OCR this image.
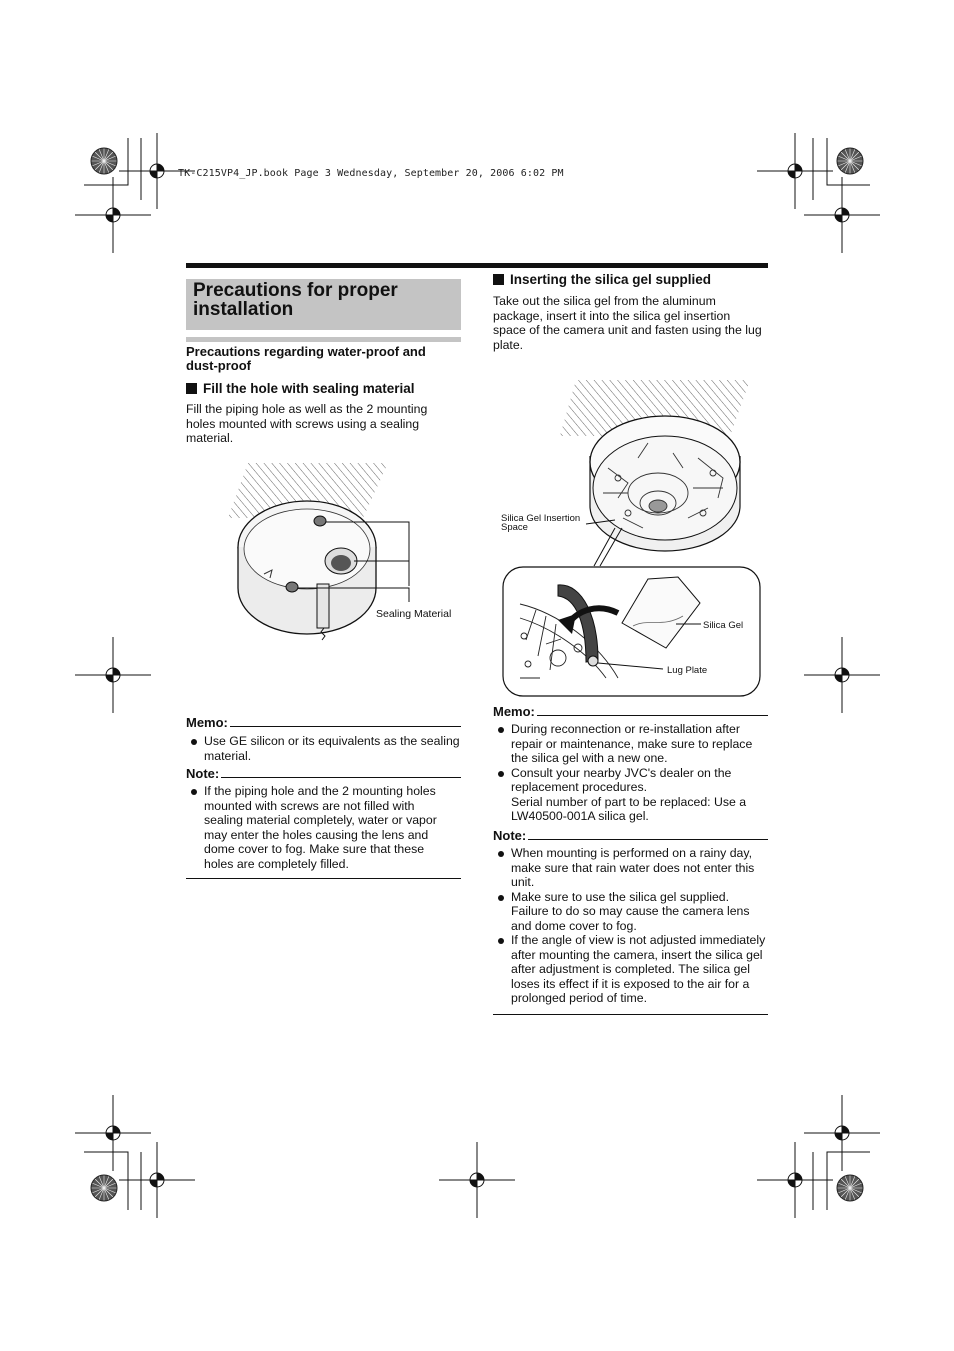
TK-C215VP4_JP.book Page 3 Wednesday, September 20, 2006 6:02 PM
Precautions for proper
installation
Precautions regarding water-proof and dust-proof
Fill the hole with sealing material
Fill the piping hole as well as the 2 mounting holes mounted with screws using a sealing material.
Sealing Material
Memo:
Use GE silicon or its equivalents as the sealing material.
Note:
If the piping hole and the 2 mounting holes mounted with screws are not filled with sealing material completely, water or vapor may enter the holes causing the lens and dome cover to fog. Make sure that these holes are completely filled.
Inserting the silica gel supplied
Take out the silica gel from the aluminum package, insert it into the silica gel insertion space of the camera unit and fasten using the lug plate.
Silica Gel Insertion
Space
Silica Gel
Lug Plate
Memo:
During reconnection or re-installation after repair or maintenance, make sure to replace the silica gel with a new one.
Consult your nearby JVC's dealer on the replacement procedures.
Serial number of part to be replaced: Use a LW40500-001A silica gel.
Note:
When mounting is performed on a rainy day, make sure that rain water does not enter this unit.
Make sure to use the silica gel supplied. Failure to do so may cause the camera lens and dome cover to fog.
If the angle of view is not adjusted immediately after mounting the camera, insert the silica gel after adjustment is completed. The silica gel loses its effect if it is exposed to the air for a prolonged period of time.
